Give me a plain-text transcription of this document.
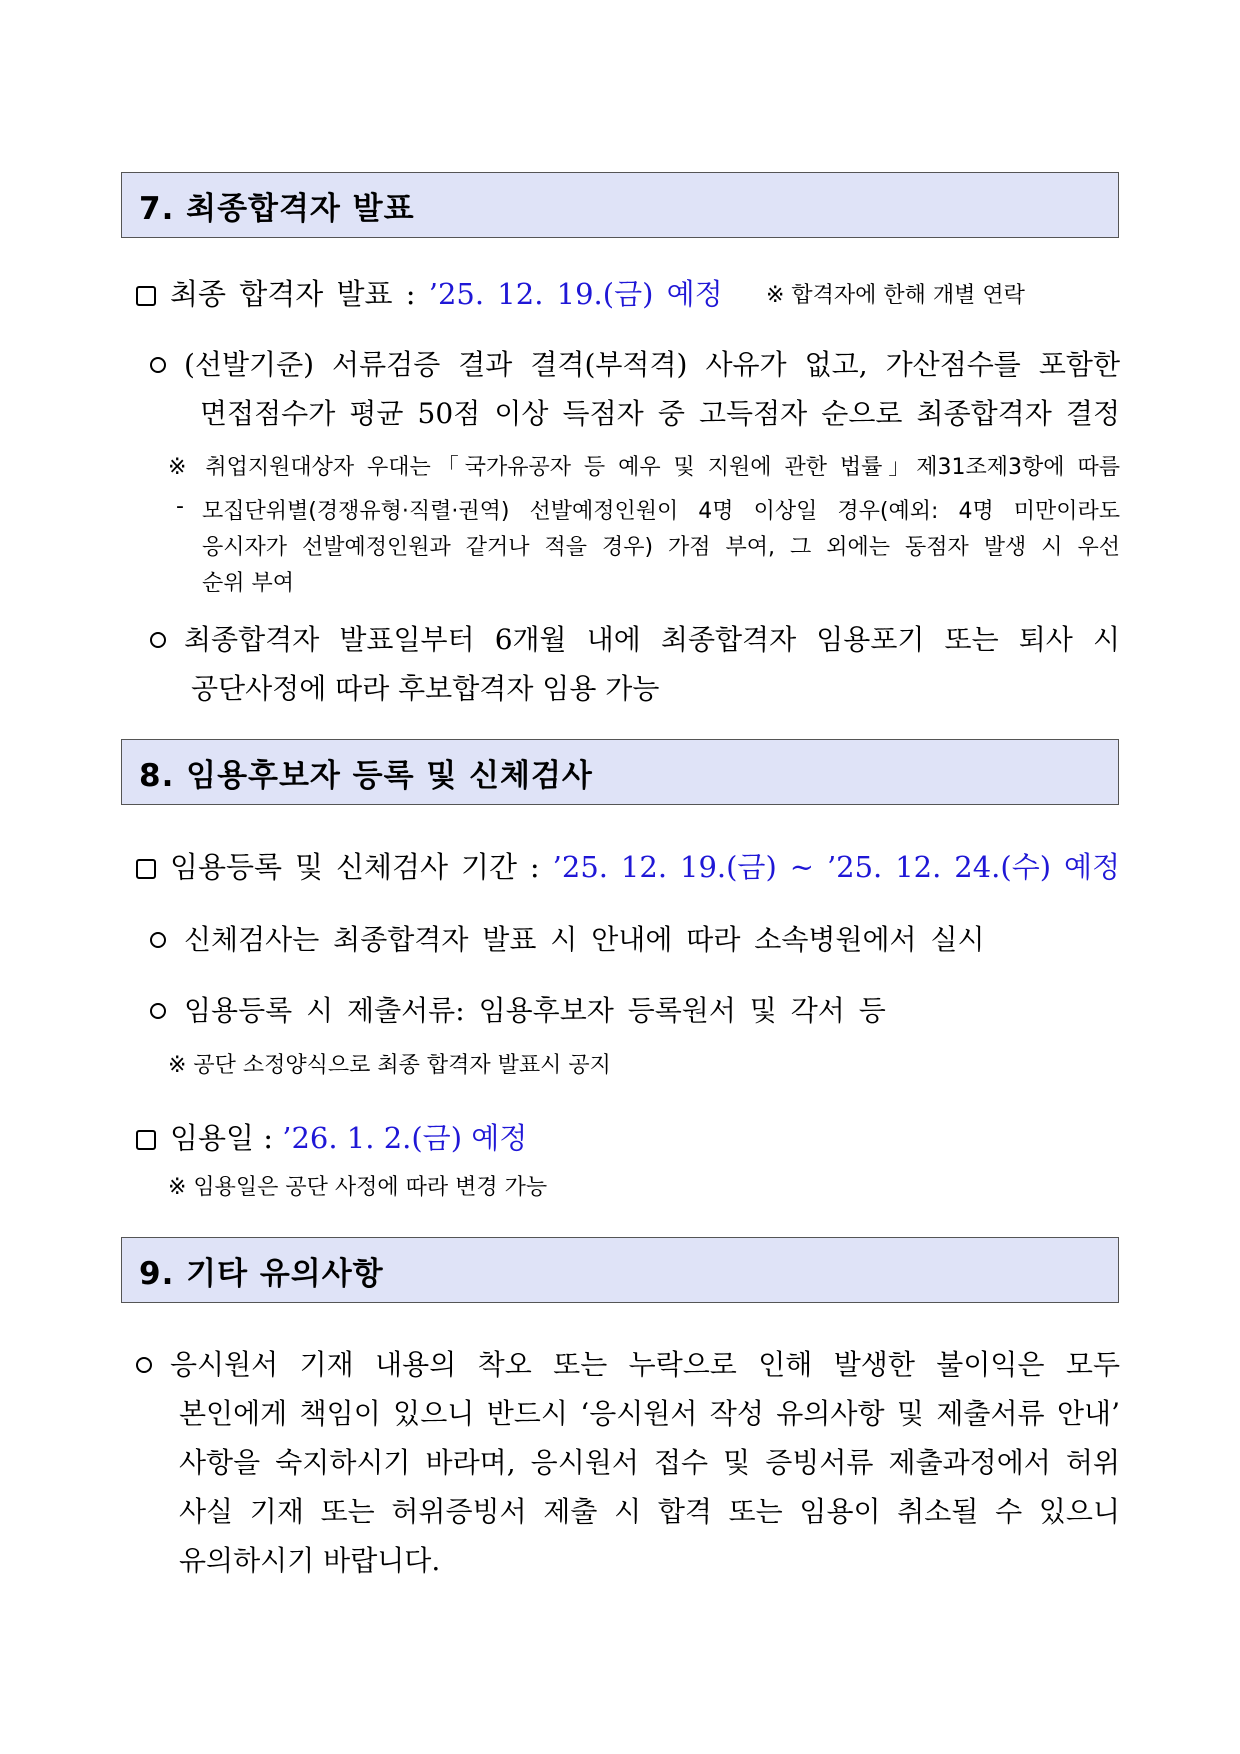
7. 최종합격자 발표
최종 합격자 발표 : ’25. 12. 19.(금) 예정 ※ 합격자에 한해 개별 연락
(선발기준) 서류검증 결과 결격(부적격) 사유가 없고, 가산점수를 포함한
면접점수가 평균 50점 이상 득점자 중 고득점자 순으로 최종합격자 결정
※ 취업지원대상자 우대는「국가유공자 등 예우 및 지원에 관한 법률」제31조제3항에 따름
- 모집단위별(경쟁유형·직렬·권역) 선발예정인원이 4명 이상일 경우(예외: 4명 미만이라도
응시자가 선발예정인원과 같거나 적을 경우) 가점 부여, 그 외에는 동점자 발생 시 우선
순위 부여
최종합격자 발표일부터 6개월 내에 최종합격자 임용포기 또는 퇴사 시
공단사정에 따라 후보합격자 임용 가능
8. 임용후보자 등록 및 신체검사
임용등록 및 신체검사 기간 : ’25. 12. 19.(금) ~ ’25. 12. 24.(수) 예정
신체검사는 최종합격자 발표 시 안내에 따라 소속병원에서 실시
임용등록 시 제출서류: 임용후보자 등록원서 및 각서 등
※ 공단 소정양식으로 최종 합격자 발표시 공지
임용일 : ’26. 1. 2.(금) 예정
※ 임용일은 공단 사정에 따라 변경 가능
9. 기타 유의사항
응시원서 기재 내용의 착오 또는 누락으로 인해 발생한 불이익은 모두
본인에게 책임이 있으니 반드시 ‘응시원서 작성 유의사항 및 제출서류 안내’
사항을 숙지하시기 바라며, 응시원서 접수 및 증빙서류 제출과정에서 허위
사실 기재 또는 허위증빙서 제출 시 합격 또는 임용이 취소될 수 있으니
유의하시기 바랍니다.
